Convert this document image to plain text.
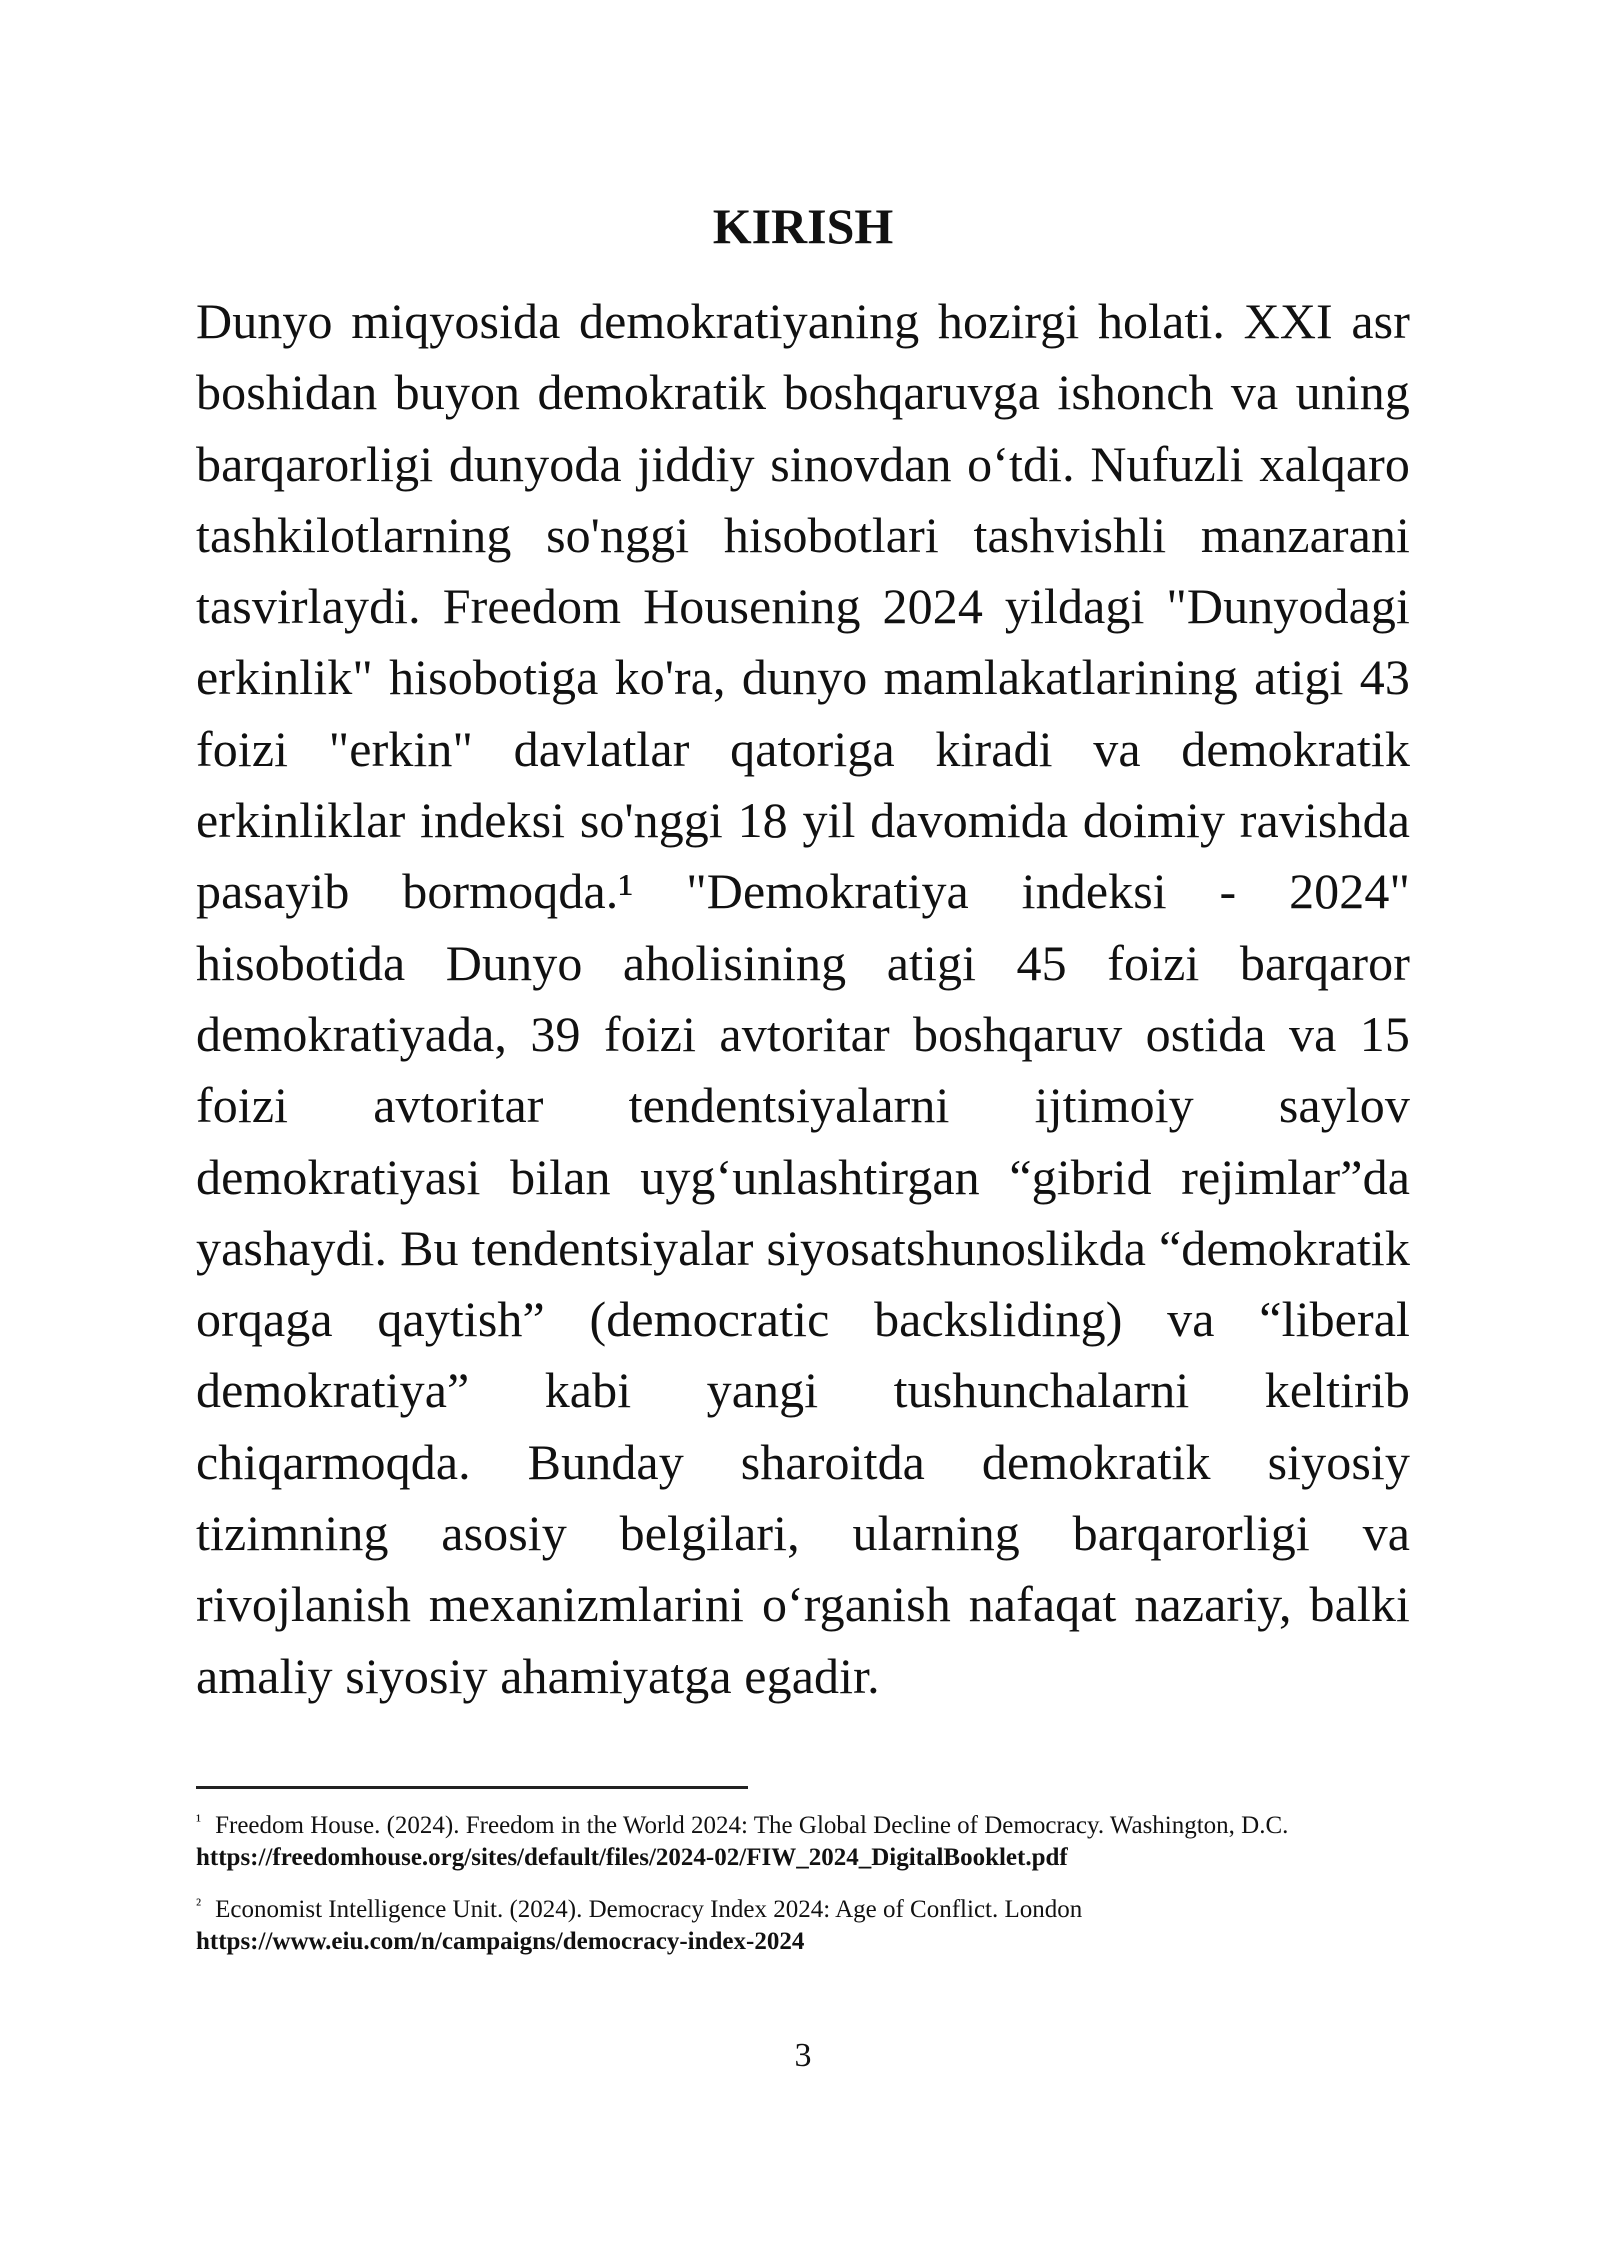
KIRISH

Dunyo miqyosida demokratiyaning hozirgi holati. XXI asr boshidan buyon demokratik boshqaruvga ishonch va uning barqarorligi dunyoda jiddiy sinovdan o‘tdi. Nufuzli xalqaro tashkilotlarning so'nggi hisobotlari tashvishli manzarani tasvirlaydi. Freedom Housening 2024 yildagi "Dunyodagi erkinlik" hisobotiga ko'ra, dunyo mamlakatlarining atigi 43 foizi "erkin" davlatlar qatoriga kiradi va demokratik erkinliklar indeksi so'nggi 18 yil davomida doimiy ravishda pasayib bormoqda.¹ "Demokratiya indeksi - 2024" hisobotida Dunyo aholisining atigi 45 foizi barqaror demokratiyada, 39 foizi avtoritar boshqaruv ostida va 15 foizi avtoritar tendentsiyalarni ijtimoiy saylov demokratiyasi bilan uyg‘unlashtirgan “gibrid rejimlar”da yashaydi. Bu tendentsiyalar siyosatshunoslikda “demokratik orqaga qaytish” (democratic backsliding) va “liberal demokratiya” kabi yangi tushunchalarni keltirib chiqarmoqda. Bunday sharoitda demokratik siyosiy tizimning asosiy belgilari, ularning barqarorligi va rivojlanish mexanizmlarini o‘rganish nafaqat nazariy, balki amaliy siyosiy ahamiyatga egadir.

$^{^1}$ Freedom House. (2024). Freedom in the World 2024: The Global Decline of Democracy. Washington, D.C.
https://freedomhouse.org/sites/default/files/2024-02/FIW_2024_DigitalBooklet.pdf

$^{^2}$ Economist Intelligence Unit. (2024). Democracy Index 2024: Age of Conflict. London
https://www.eiu.com/n/campaigns/democracy-index-2024

3
